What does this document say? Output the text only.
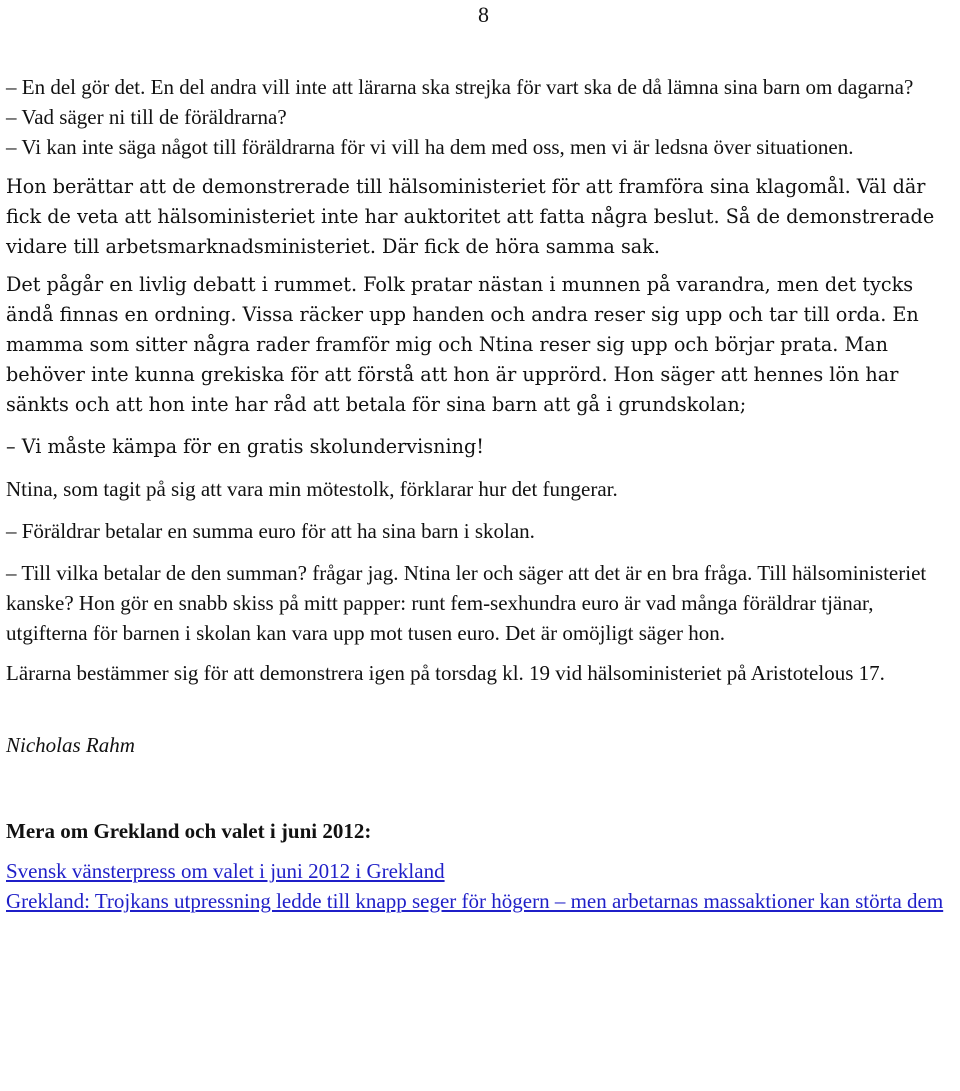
8

– En del gör det. En del andra vill inte att lärarna ska strejka för vart ska de då lämna sina barn om dagarna?

– Vad säger ni till de föräldrarna?

– Vi kan inte säga något till föräldrarna för vi vill ha dem med oss, men vi är ledsna över situationen.

Hon berättar att de demonstrerade till hälsoministeriet för att framföra sina klagomål. Väl där fick de veta att hälsoministeriet inte har auktoritet att fatta några beslut. Så de demonstrerade vidare till arbetsmarknadsministeriet. Där fick de höra samma sak.

Det pågår en livlig debatt i rummet. Folk pratar nästan i munnen på varandra, men det tycks ändå finnas en ordning. Vissa räcker upp handen och andra reser sig upp och tar till orda. En mamma som sitter några rader framför mig och Ntina reser sig upp och börjar prata. Man behöver inte kunna grekiska för att förstå att hon är upprörd. Hon säger att hennes lön har sänkts och att hon inte har råd att betala för sina barn att gå i grundskolan;

– Vi måste kämpa för en gratis skolundervisning!

Ntina, som tagit på sig att vara min mötestolk, förklarar hur det fungerar.

– Föräldrar betalar en summa euro för att ha sina barn i skolan.

– Till vilka betalar de den summan? frågar jag. Ntina ler och säger att det är en bra fråga. Till hälsoministeriet kanske? Hon gör en snabb skiss på mitt papper: runt fem-sexhundra euro är vad många föräldrar tjänar, utgifterna för barnen i skolan kan vara upp mot tusen euro. Det är omöjligt säger hon.

Lärarna bestämmer sig för att demonstrera igen på torsdag kl. 19 vid hälsoministeriet på Aristotelous 17.

Nicholas Rahm

Mera om Grekland och valet i juni 2012:

Svensk vänsterpress om valet i juni 2012 i Grekland
Grekland: Trojkans utpressning ledde till knapp seger för högern – men arbetarnas massaktioner kan störta dem
